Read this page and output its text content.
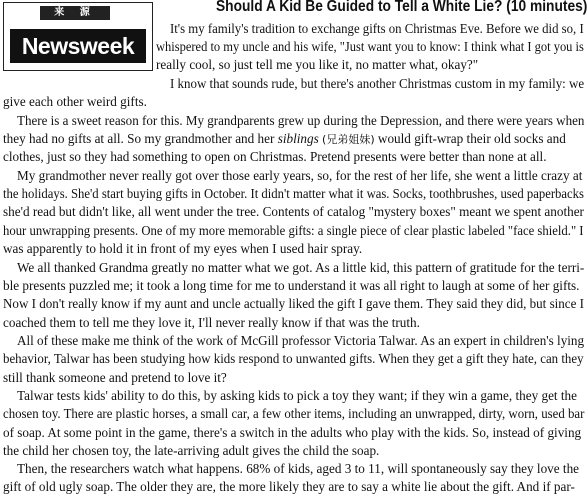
来 源
Newsweek
Should A Kid Be Guided to Tell a White Lie? (10 minutes)
It's my family's tradition to exchange gifts on Christmas Eve. Before we did so, I
whispered to my uncle and his wife, "Just want you to know: I think what I got you is
really cool, so just tell me you like it, no matter what, okay?"
I know that sounds rude, but there's another Christmas custom in my family: we
give each other weird gifts.
There is a sweet reason for this. My grandparents grew up during the Depression, and there were years when
they had no gifts at all. So my grandmother and her siblings (兄弟姐妹) would gift-wrap their old socks and
clothes, just so they had something to open on Christmas. Pretend presents were better than none at all.
My grandmother never really got over those early years, so, for the rest of her life, she went a little crazy at
the holidays. She'd start buying gifts in October. It didn't matter what it was. Socks, toothbrushes, used paperbacks
she'd read but didn't like, all went under the tree. Contents of catalog "mystery boxes" meant we spent another
hour unwrapping presents. One of my more memorable gifts: a single piece of clear plastic labeled "face shield." I
was apparently to hold it in front of my eyes when I used hair spray.
We all thanked Grandma greatly no matter what we got. As a little kid, this pattern of gratitude for the terri-
ble presents puzzled me; it took a long time for me to understand it was all right to laugh at some of her gifts.
Now I don't really know if my aunt and uncle actually liked the gift I gave them. They said they did, but since I
coached them to tell me they love it, I'll never really know if that was the truth.
All of these make me think of the work of McGill professor Victoria Talwar. As an expert in children's lying
behavior, Talwar has been studying how kids respond to unwanted gifts. When they get a gift they hate, can they
still thank someone and pretend to love it?
Talwar tests kids' ability to do this, by asking kids to pick a toy they want; if they win a game, they get the
chosen toy. There are plastic horses, a small car, a few other items, including an unwrapped, dirty, worn, used bar
of soap. At some point in the game, there's a switch in the adults who play with the kids. So, instead of giving
the child her chosen toy, the late-arriving adult gives the child the soap.
Then, the researchers watch what happens. 68% of kids, aged 3 to 11, will spontaneously say they love the
gift of old ugly soap. The older they are, the more likely they are to say a white lie about the gift. And if par-
